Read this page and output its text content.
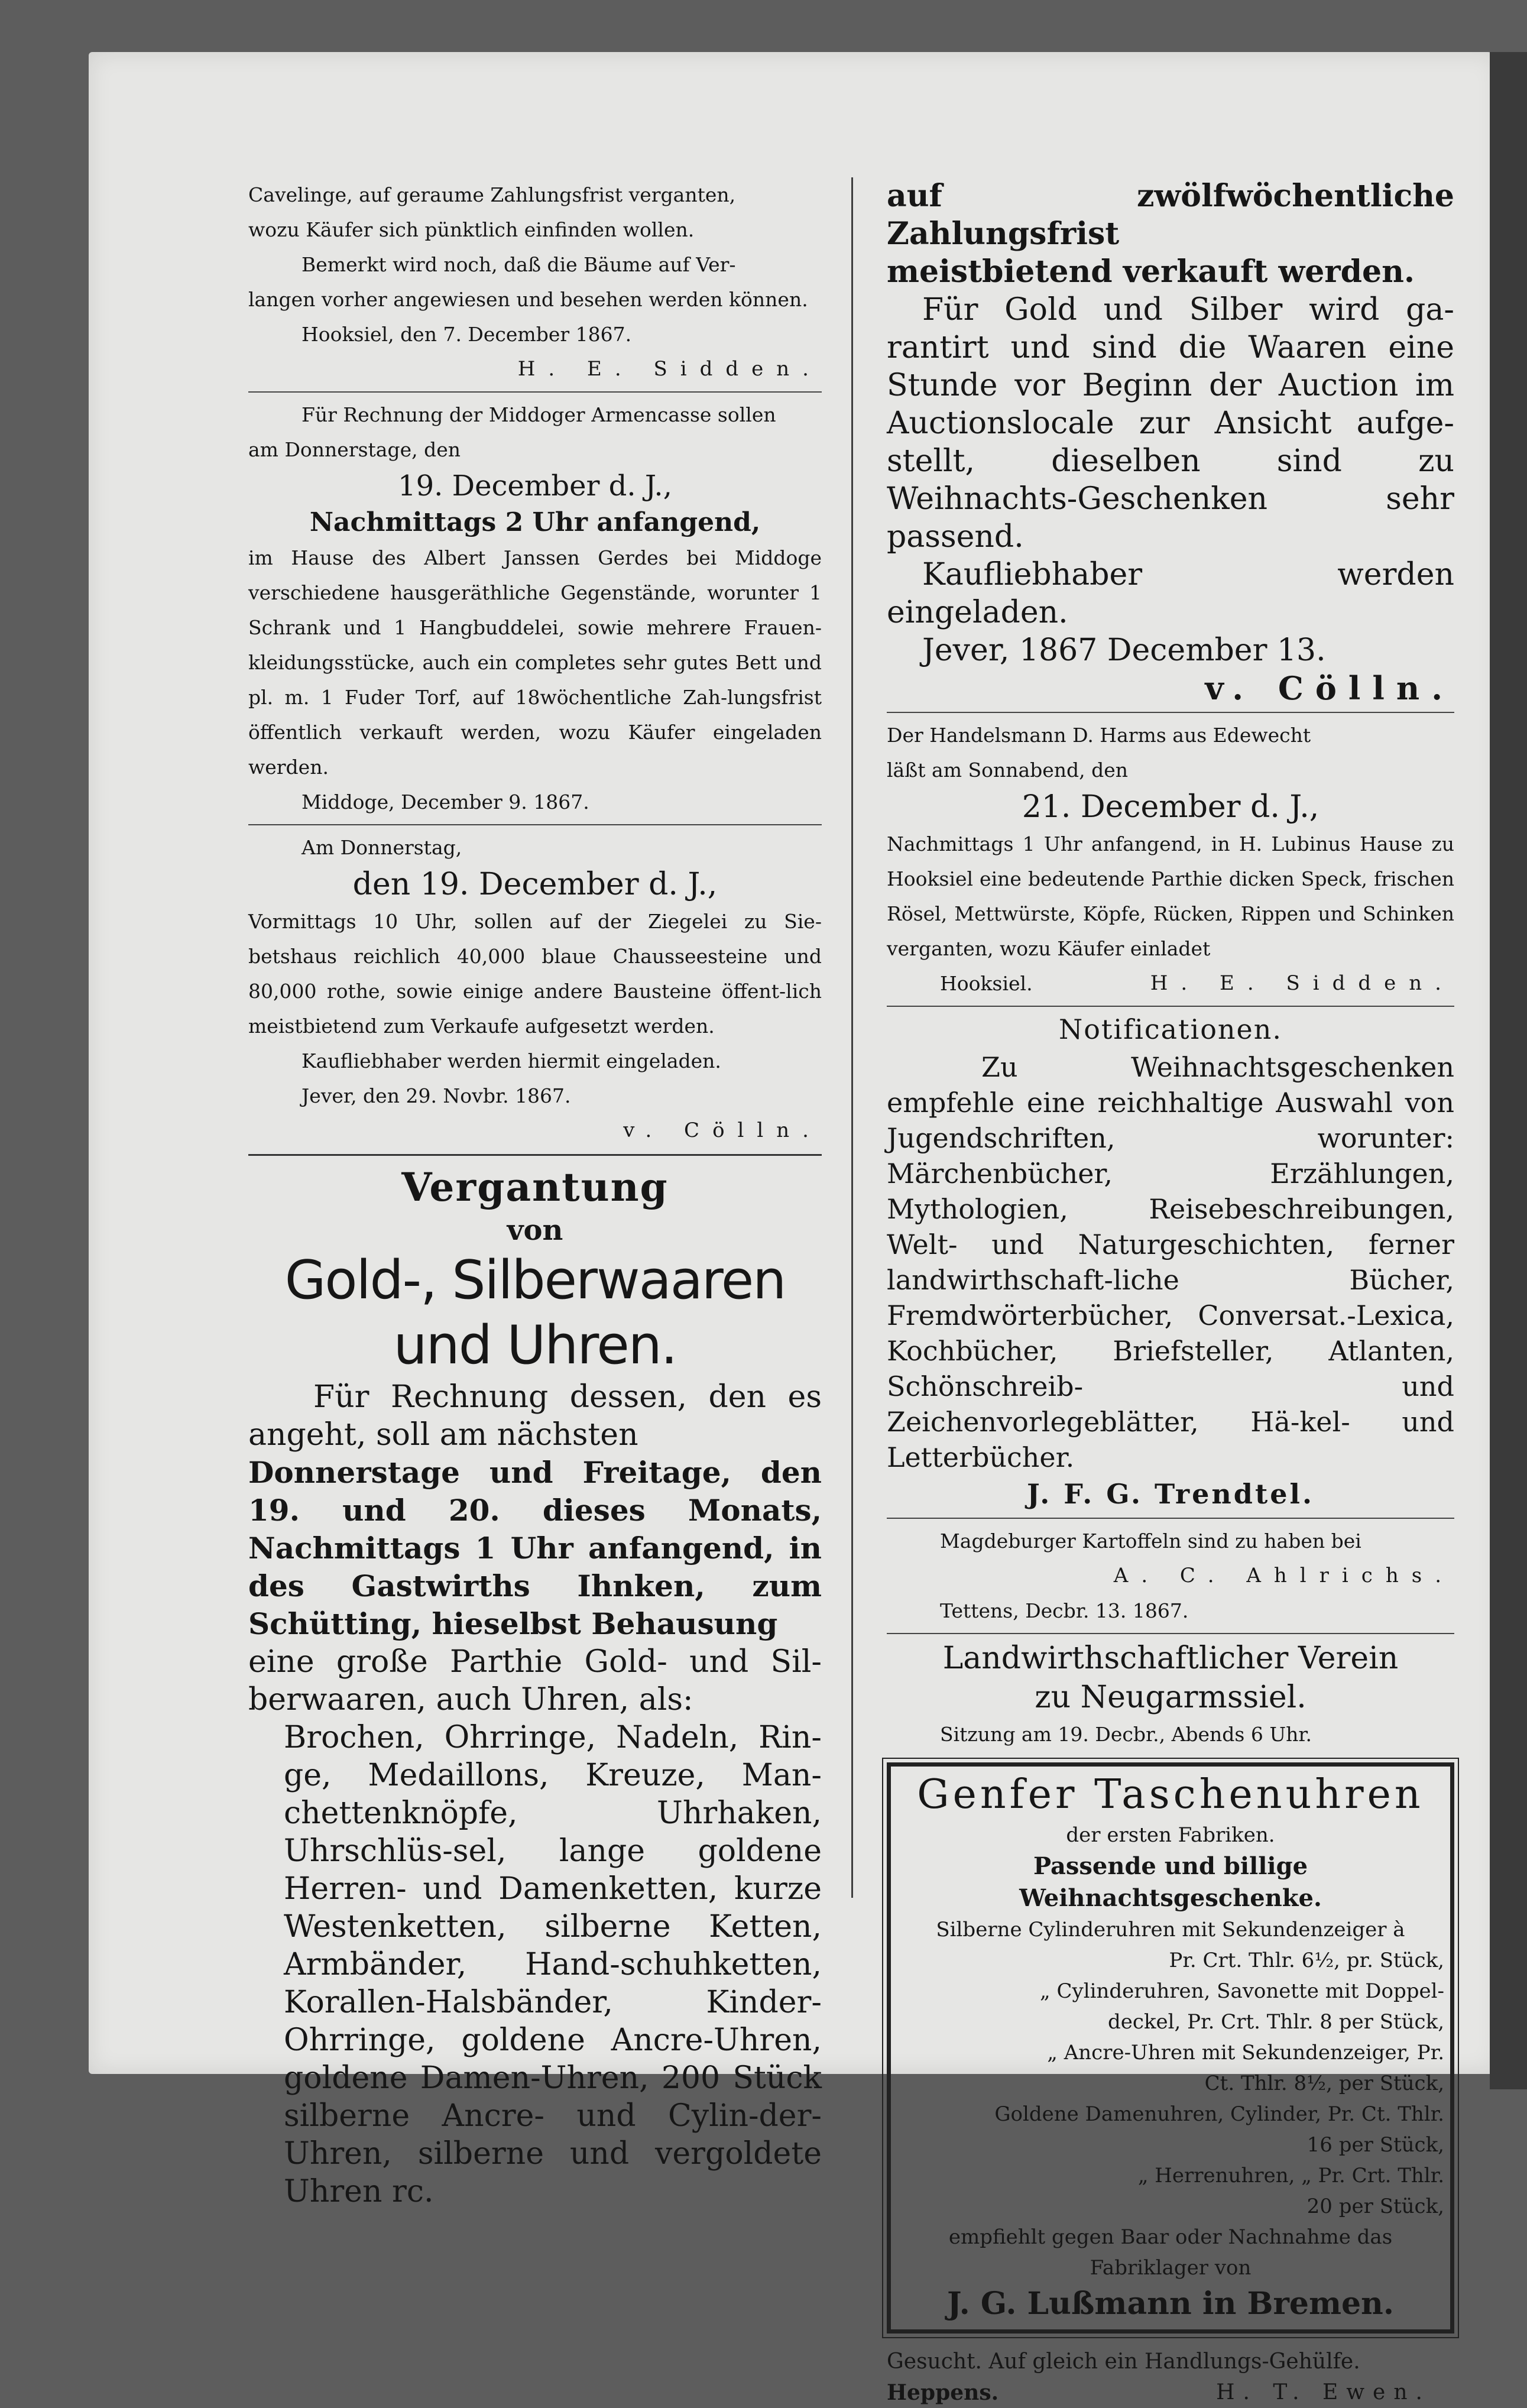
Cavelinge, auf geraume Zahlungsfrist verganten,

wozu Käufer sich pünktlich einfinden wollen.

Bemerkt wird noch, daß die Bäume auf Ver-

langen vorher angewiesen und besehen werden können.

Hooksiel, den 7. December 1867.

H. E. Sidden.

Für Rechnung der Middoger Armencasse sollen

am Donnerstage, den

19. December d. J.,

Nachmittags 2 Uhr anfangend,

im Hause des Albert Janssen Gerdes bei Middoge verschiedene hausgeräthliche Gegenstände, worunter 1 Schrank und 1 Hangbuddelei, sowie mehrere Frauen-kleidungsstücke, auch ein completes sehr gutes Bett und pl. m. 1 Fuder Torf, auf 18wöchentliche Zah-lungsfrist öffentlich verkauft werden, wozu Käufer eingeladen werden.

Middoge, December 9. 1867.

Am Donnerstag,

den 19. December d. J.,

Vormittags 10 Uhr, sollen auf der Ziegelei zu Sie-betshaus reichlich 40,000 blaue Chausseesteine und 80,000 rothe, sowie einige andere Bausteine öffent-lich meistbietend zum Verkaufe aufgesetzt werden.

Kaufliebhaber werden hiermit eingeladen.

Jever, den 29. Novbr. 1867.

v. Cölln.

Vergantung

von

Gold-, Silberwaaren und Uhren.

Für Rechnung dessen, den es angeht, soll am nächsten

Donnerstage und Freitage, den 19. und 20. dieses Monats, Nachmittags 1 Uhr anfangend, in des Gastwirths Ihnken, zum Schütting, hieselbst Behausung

eine große Parthie Gold- und Sil-berwaaren, auch Uhren, als:

Brochen, Ohrringe, Nadeln, Rin-ge, Medaillons, Kreuze, Man-chettenknöpfe, Uhrhaken, Uhrschlüs-sel, lange goldene Herren- und Damenketten, kurze Westenketten, silberne Ketten, Armbänder, Hand-schuhketten, Korallen-Halsbänder, Kinder-Ohrringe, goldene Ancre-Uhren, goldene Damen-Uhren, 200 Stück silberne Ancre- und Cylin-der-Uhren, silberne und vergoldete Uhren rc.

auf zwölfwöchentliche Zahlungsfrist

meistbietend verkauft werden.

Für Gold und Silber wird ga-rantirt und sind die Waaren eine Stunde vor Beginn der Auction im Auctionslocale zur Ansicht aufge-stellt, dieselben sind zu Weihnachts-Geschenken sehr passend.

Kaufliebhaber werden eingeladen.

Jever, 1867 December 13.

v. Cölln.

Der Handelsmann D. Harms aus Edewecht

läßt am Sonnabend, den

21. December d. J.,

Nachmittags 1 Uhr anfangend, in H. Lubinus Hause zu Hooksiel eine bedeutende Parthie dicken Speck, frischen Rösel, Mettwürste, Köpfe, Rücken, Rippen und Schinken verganten, wozu Käufer einladet

Hooksiel.	H. E. Sidden.

Notificationen.

Zu Weihnachtsgeschenken empfehle eine reichhaltige Auswahl von Jugendschriften, worunter: Märchenbücher, Erzählungen, Mythologien, Reisebeschreibungen, Welt- und Naturgeschichten, ferner landwirthschaft-liche Bücher, Fremdwörterbücher, Conversat.-Lexica, Kochbücher, Briefsteller, Atlanten, Schönschreib- und Zeichenvorlegeblätter, Hä-kel- und Letterbücher.

J. F. G. Trendtel.

Magdeburger Kartoffeln sind zu haben bei

A. C. Ahlrichs.

Tettens, Decbr. 13. 1867.

Landwirthschaftlicher Verein

zu Neugarmssiel.

Sitzung am 19. Decbr., Abends 6 Uhr.

Genfer Taschenuhren

der ersten Fabriken.

Passende und billige Weihnachtsgeschenke.

Silberne Cylinderuhren mit Sekundenzeiger à

Pr. Crt. Thlr. 6½, pr. Stück,

„ Cylinderuhren, Savonette mit Doppel-

deckel, Pr. Crt. Thlr. 8 per Stück,

„ Ancre-Uhren mit Sekundenzeiger, Pr.

Ct. Thlr. 8½, per Stück,

Goldene Damenuhren, Cylinder, Pr. Ct. Thlr.

16 per Stück,

„ Herrenuhren, „ Pr. Crt. Thlr.

20 per Stück,

empfiehlt gegen Baar oder Nachnahme das

Fabriklager von

J. G. Lußmann in Bremen.

Gesucht. Auf gleich ein Handlungs-Gehülfe.

Heppens.	H. T. Ewen.
